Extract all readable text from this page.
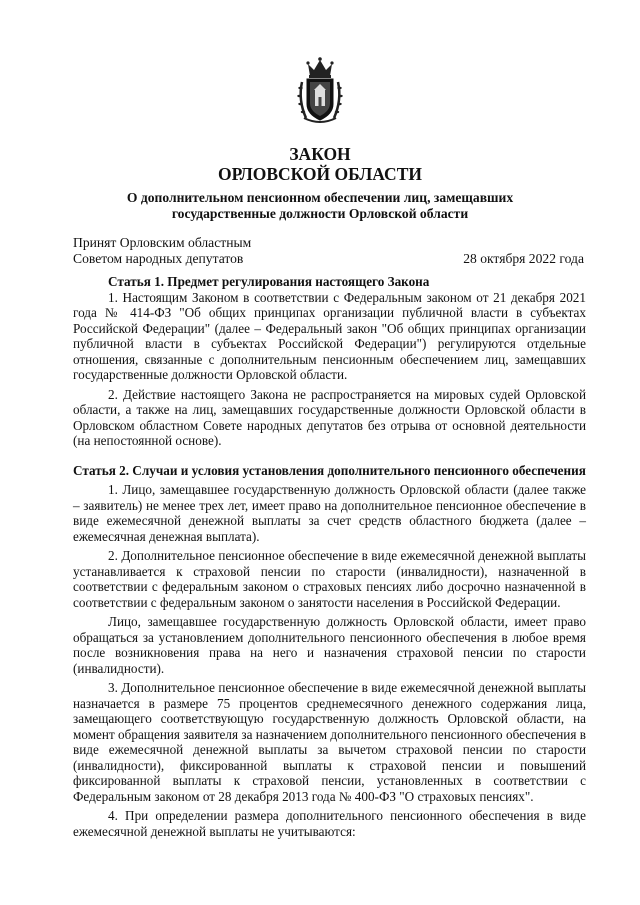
ЗАКОН
ОРЛОВСКОЙ ОБЛАСТИ
О дополнительном пенсионном обеспечении лиц, замещавших государственные должности Орловской области
Принят Орловским областным
Советом народных депутатов	28 октября 2022 года

Статья 1. Предмет регулирования настоящего Закона

1. Настоящим Законом в соответствии с Федеральным законом от 21 декабря 2021 года № 414-ФЗ "Об общих принципах организации публичной власти в субъектах Российской Федерации" (далее – Федеральный закон "Об общих принципах организации публичной власти в субъектах Российской Федерации") регулируются отдельные отношения, связанные с дополнительным пенсионным обеспечением лиц, замещавших государственные должности Орловской области.

2. Действие настоящего Закона не распространяется на мировых судей Орловской области, а также на лиц, замещавших государственные должности Орловской области в Орловском областном Совете народных депутатов без отрыва от основной деятельности (на непостоянной основе).

Статья 2. Случаи и условия установления дополнительного пенсионного обеспечения

1. Лицо, замещавшее государственную должность Орловской области (далее также – заявитель) не менее трех лет, имеет право на дополнительное пенсионное обеспечение в виде ежемесячной денежной выплаты за счет средств областного бюджета (далее – ежемесячная денежная выплата).

2. Дополнительное пенсионное обеспечение в виде ежемесячной денежной выплаты устанавливается к страховой пенсии по старости (инвалидности), назначенной в соответствии с федеральным законом о страховых пенсиях либо досрочно назначенной в соответствии с федеральным законом о занятости населения в Российской Федерации.

Лицо, замещавшее государственную должность Орловской области, имеет право обращаться за установлением дополнительного пенсионного обеспечения в любое время после возникновения права на него и назначения страховой пенсии по старости (инвалидности).

3. Дополнительное пенсионное обеспечение в виде ежемесячной денежной выплаты назначается в размере 75 процентов среднемесячного денежного содержания лица, замещающего соответствующую государственную должность Орловской области, на момент обращения заявителя за назначением дополнительного пенсионного обеспечения в виде ежемесячной денежной выплаты за вычетом страховой пенсии по старости (инвалидности), фиксированной выплаты к страховой пенсии и повышений фиксированной выплаты к страховой пенсии, установленных в соответствии с Федеральным законом от 28 декабря 2013 года № 400-ФЗ "О страховых пенсиях".

4. При определении размера дополнительного пенсионного обеспечения в виде ежемесячной денежной выплаты не учитываются:
